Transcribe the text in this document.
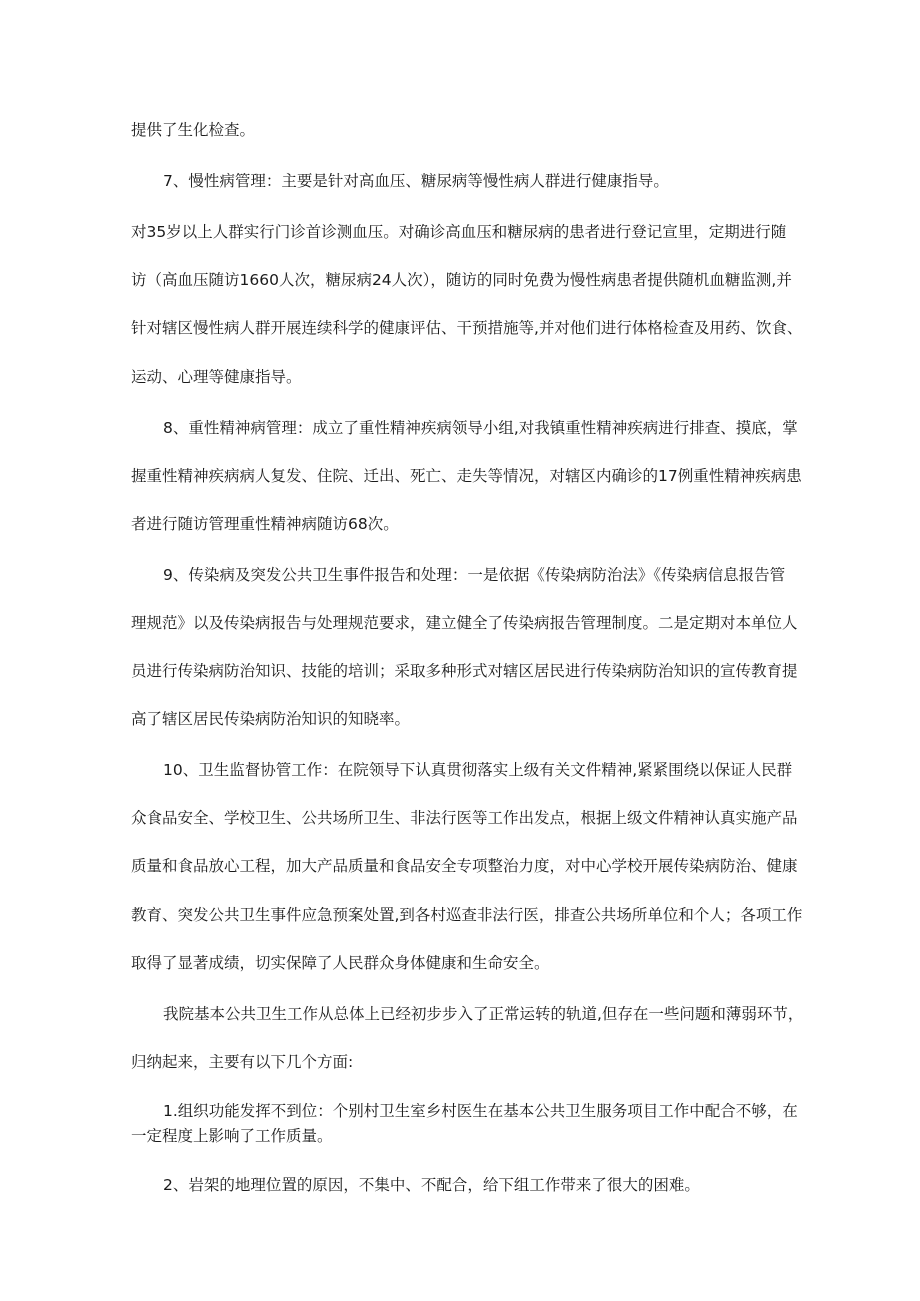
提供了生化检查。

7、慢性病管理：主要是针对高血压、糖尿病等慢性病人群进行健康指导。

对35岁以上人群实行门诊首诊测血压。对确诊高血压和糖尿病的患者进行登记宣里，定期进行随

访（高血压随访1660人次，糖尿病24人次），随访的同时免费为慢性病患者提供随机血糖监测,并

针对辖区慢性病人群开展连续科学的健康评估、干预措施等,并对他们进行体格检查及用药、饮食、

运动、心理等健康指导。

8、重性精神病管理：成立了重性精神疾病领导小组,对我镇重性精神疾病进行排查、摸底，掌

握重性精神疾病病人复发、住院、迁出、死亡、走失等情况，对辖区内确诊的17例重性精神疾病患

者进行随访管理重性精神病随访68次。

9、传染病及突发公共卫生事件报告和处理：一是依据《传染病防治法》《传染病信息报告管

理规范》以及传染病报告与处理规范要求，建立健全了传染病报告管理制度。二是定期对本单位人

员进行传染病防治知识、技能的培训；采取多种形式对辖区居民进行传染病防治知识的宣传教育提

高了辖区居民传染病防治知识的知晓率。

10、卫生监督协管工作：在院领导下认真贯彻落实上级有关文件精神,紧紧围绕以保证人民群

众食品安全、学校卫生、公共场所卫生、非法行医等工作出发点，根据上级文件精神认真实施产品

质量和食品放心工程，加大产品质量和食品安全专项整治力度，对中心学校开展传染病防治、健康

教育、突发公共卫生事件应急预案处置,到各村巡查非法行医，排查公共场所单位和个人；各项工作

取得了显著成绩，切实保障了人民群众身体健康和生命安全。

我院基本公共卫生工作从总体上已经初步步入了正常运转的轨道,但存在一些问题和薄弱环节，

归纳起来，主要有以下几个方面:

1.组织功能发挥不到位：个别村卫生室乡村医生在基本公共卫生服务项目工作中配合不够，在

一定程度上影响了工作质量。

2、岩架的地理位置的原因，不集中、不配合，给下组工作带来了很大的困难。
